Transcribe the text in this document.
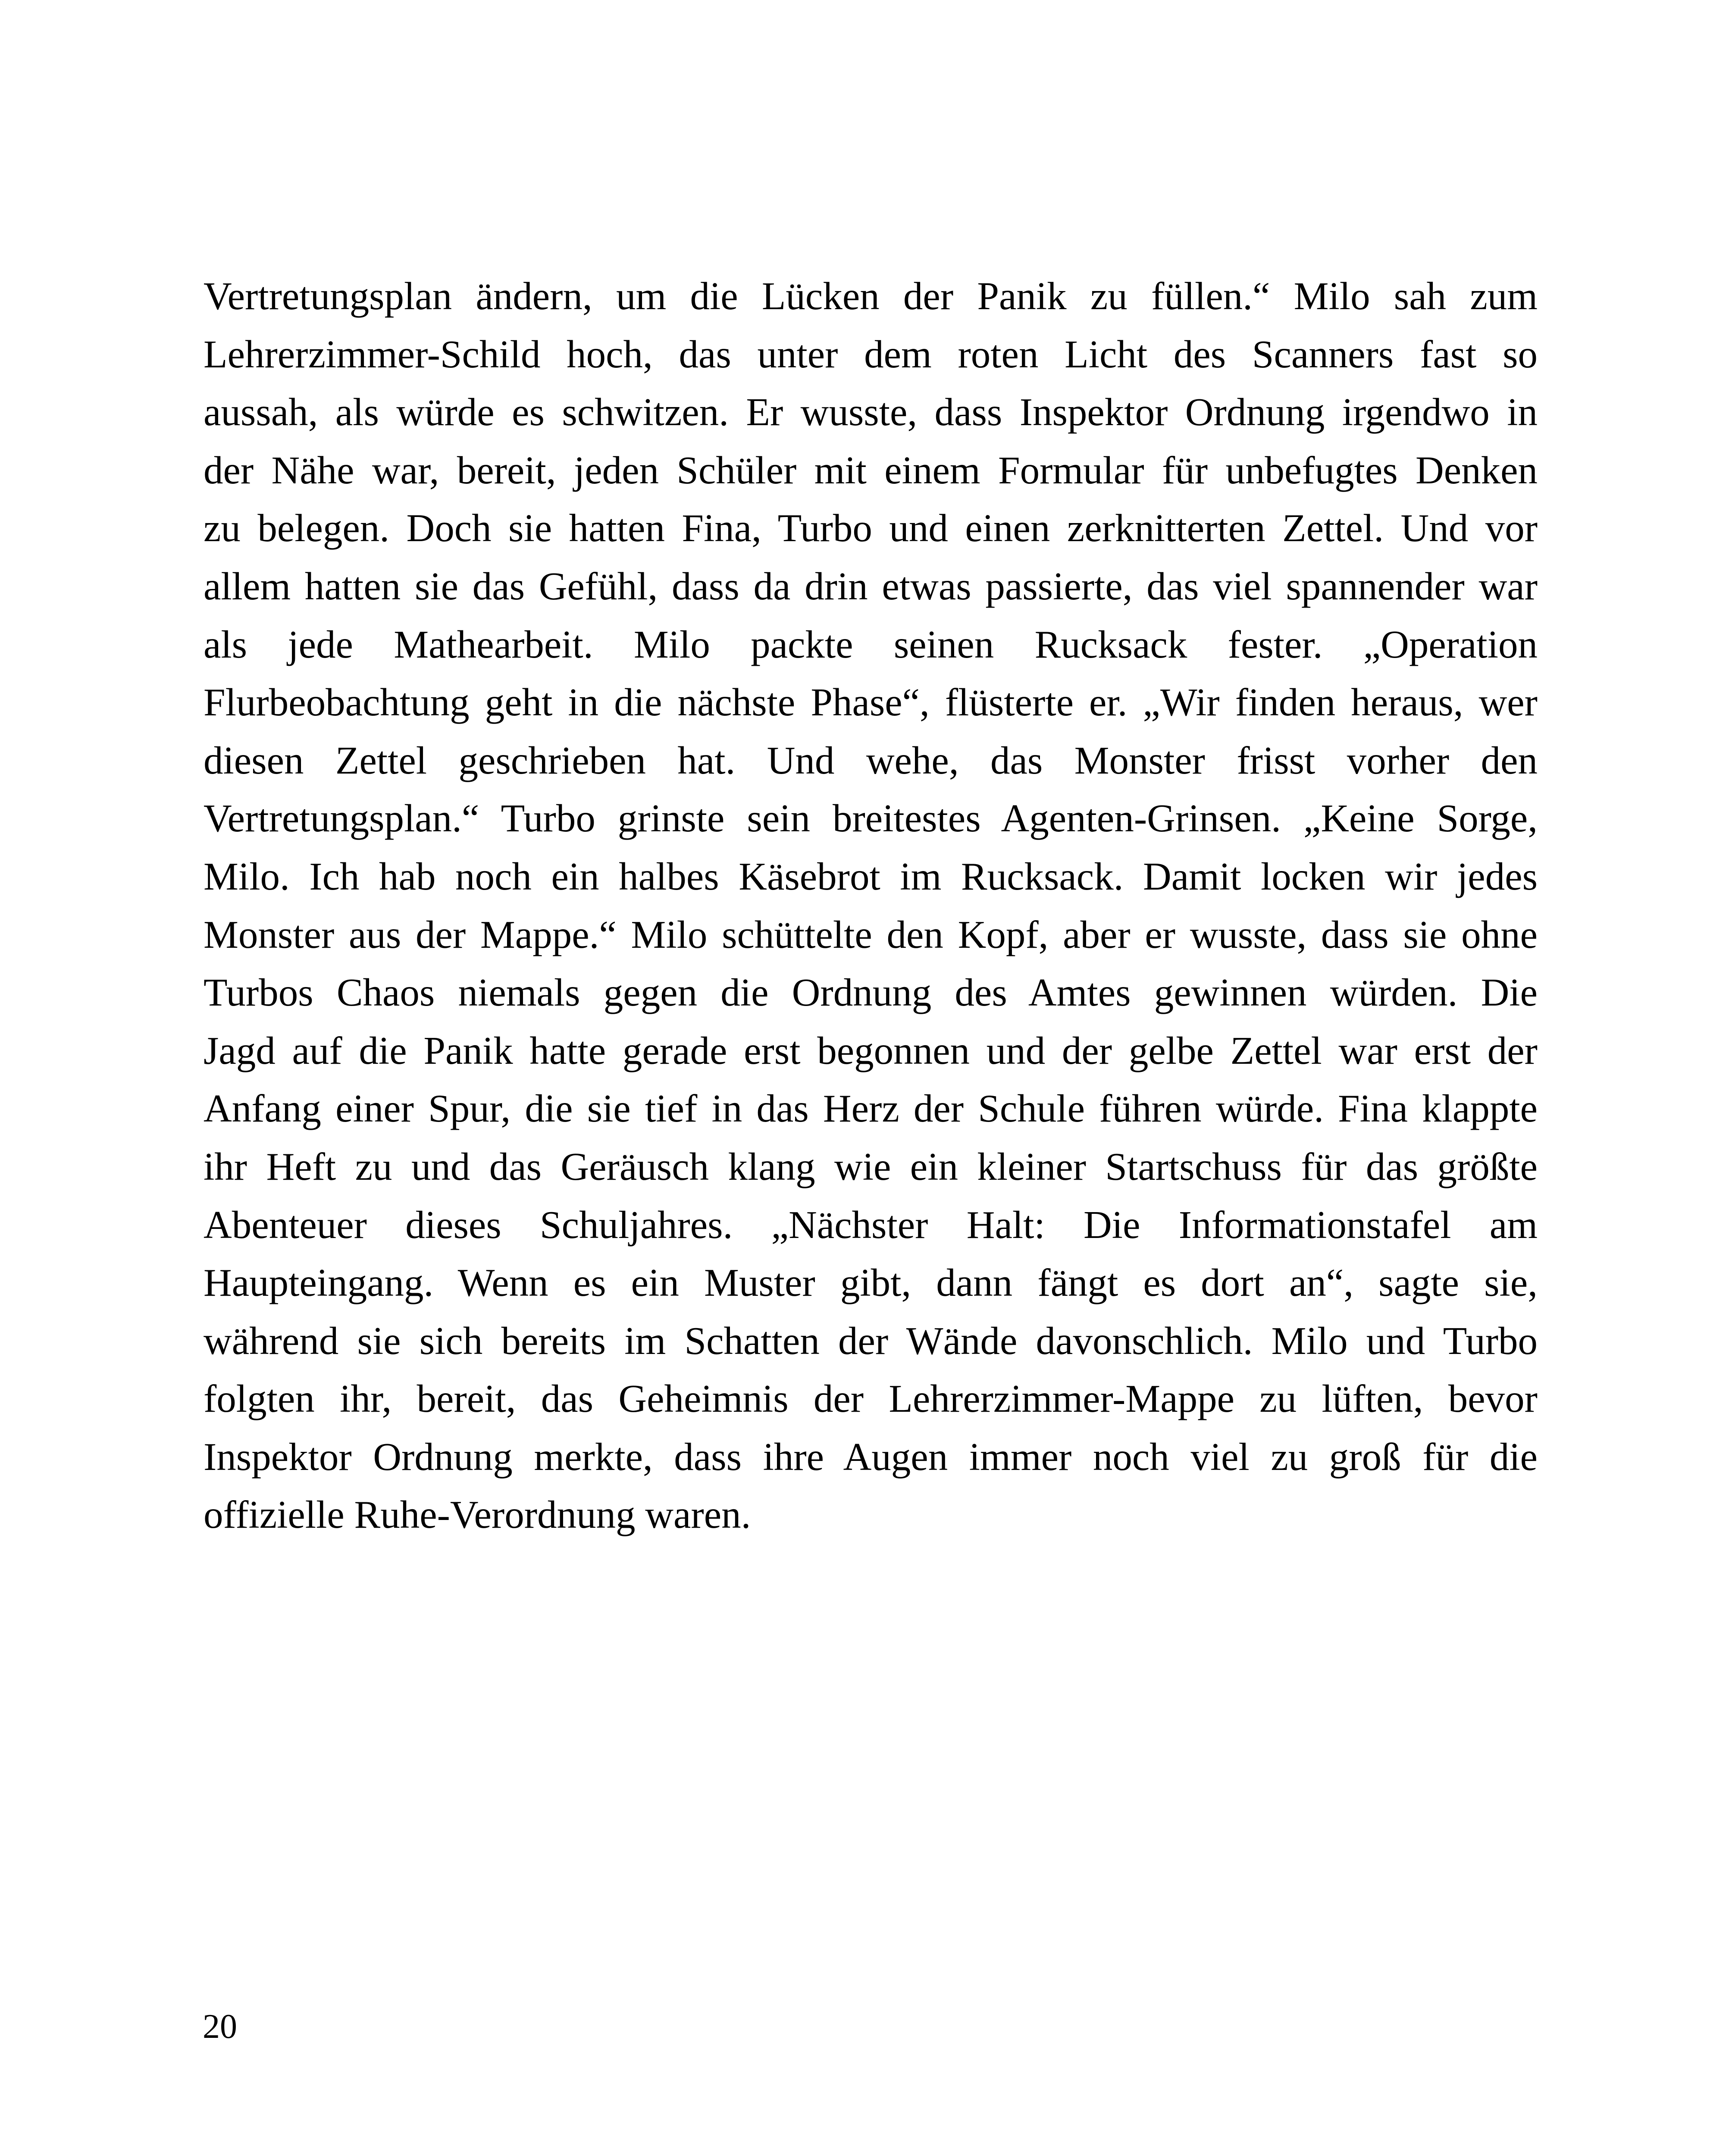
Vertretungsplan ändern, um die Lücken der Panik zu füllen.“ Milo sah zum
Lehrerzimmer-Schild hoch, das unter dem roten Licht des Scanners fast so
aussah, als würde es schwitzen. Er wusste, dass Inspektor Ordnung irgendwo in
der Nähe war, bereit, jeden Schüler mit einem Formular für unbefugtes Denken
zu belegen. Doch sie hatten Fina, Turbo und einen zerknitterten Zettel. Und vor
allem hatten sie das Gefühl, dass da drin etwas passierte, das viel spannender war
als jede Mathearbeit. Milo packte seinen Rucksack fester. „Operation
Flurbeobachtung geht in die nächste Phase“, flüsterte er. „Wir finden heraus, wer
diesen Zettel geschrieben hat. Und wehe, das Monster frisst vorher den
Vertretungsplan.“ Turbo grinste sein breitestes Agenten-Grinsen. „Keine Sorge,
Milo. Ich hab noch ein halbes Käsebrot im Rucksack. Damit locken wir jedes
Monster aus der Mappe.“ Milo schüttelte den Kopf, aber er wusste, dass sie ohne
Turbos Chaos niemals gegen die Ordnung des Amtes gewinnen würden. Die
Jagd auf die Panik hatte gerade erst begonnen und der gelbe Zettel war erst der
Anfang einer Spur, die sie tief in das Herz der Schule führen würde. Fina klappte
ihr Heft zu und das Geräusch klang wie ein kleiner Startschuss für das größte
Abenteuer dieses Schuljahres. „Nächster Halt: Die Informationstafel am
Haupteingang. Wenn es ein Muster gibt, dann fängt es dort an“, sagte sie,
während sie sich bereits im Schatten der Wände davonschlich. Milo und Turbo
folgten ihr, bereit, das Geheimnis der Lehrerzimmer-Mappe zu lüften, bevor
Inspektor Ordnung merkte, dass ihre Augen immer noch viel zu groß für die
offizielle Ruhe-Verordnung waren.

20
